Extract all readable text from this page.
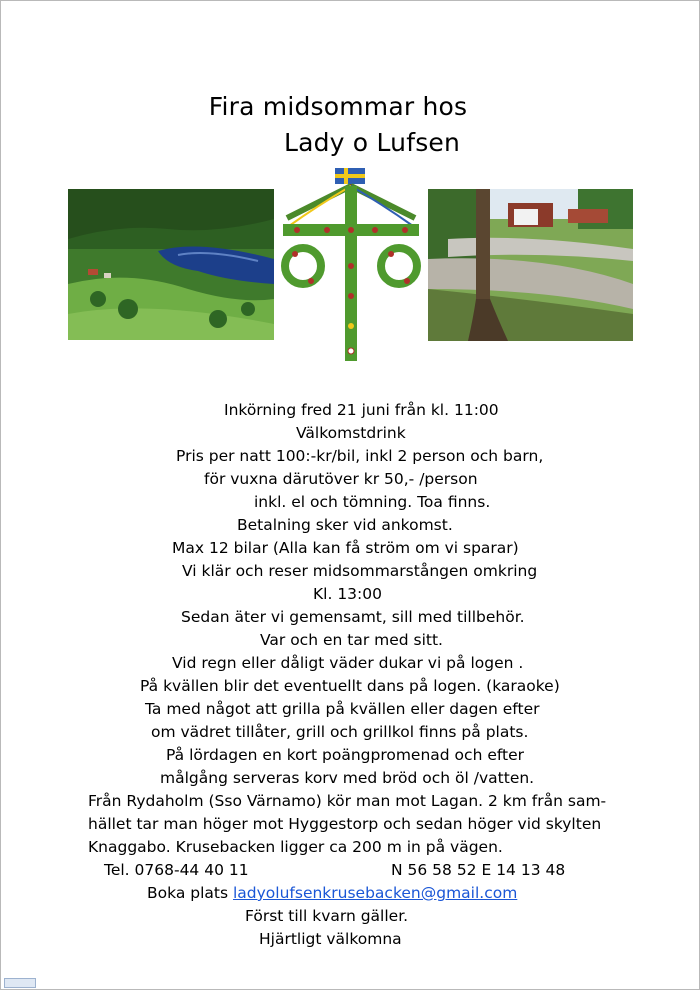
Fira midsommar hos
Lady o Lufsen
Inkörning fred 21 juni från kl. 11:00
Välkomstdrink
Pris per natt 100:-kr/bil, inkl 2 person och barn,
för vuxna därutöver kr 50,- /person
inkl. el och tömning. Toa finns.
Betalning sker vid ankomst.
Max 12 bilar (Alla kan få ström om vi sparar)
Vi klär och reser midsommarstången omkring
Kl. 13:00
Sedan äter vi gemensamt, sill med tillbehör.
Var och en tar med sitt.
Vid regn eller dåligt väder dukar vi på logen .
På kvällen blir det eventuellt dans på logen. (karaoke)
Ta med något att grilla på kvällen eller dagen efter
om vädret tillåter, grill och grillkol finns på plats.
På lördagen en kort poängpromenad och efter
målgång serveras korv med bröd och öl /vatten.
Från Rydaholm (Sso Värnamo) kör man mot Lagan. 2 km från sam-
hället tar man höger mot Hyggestorp och sedan höger vid skylten
Knaggabo. Krusebacken ligger ca 200 m in på vägen.
Tel. 0768-44 40 11	N 56 58 52 E 14 13 48
Boka plats ladyolufsenkrusebacken@gmail.com
Först till kvarn gäller.
Hjärtligt välkomna
